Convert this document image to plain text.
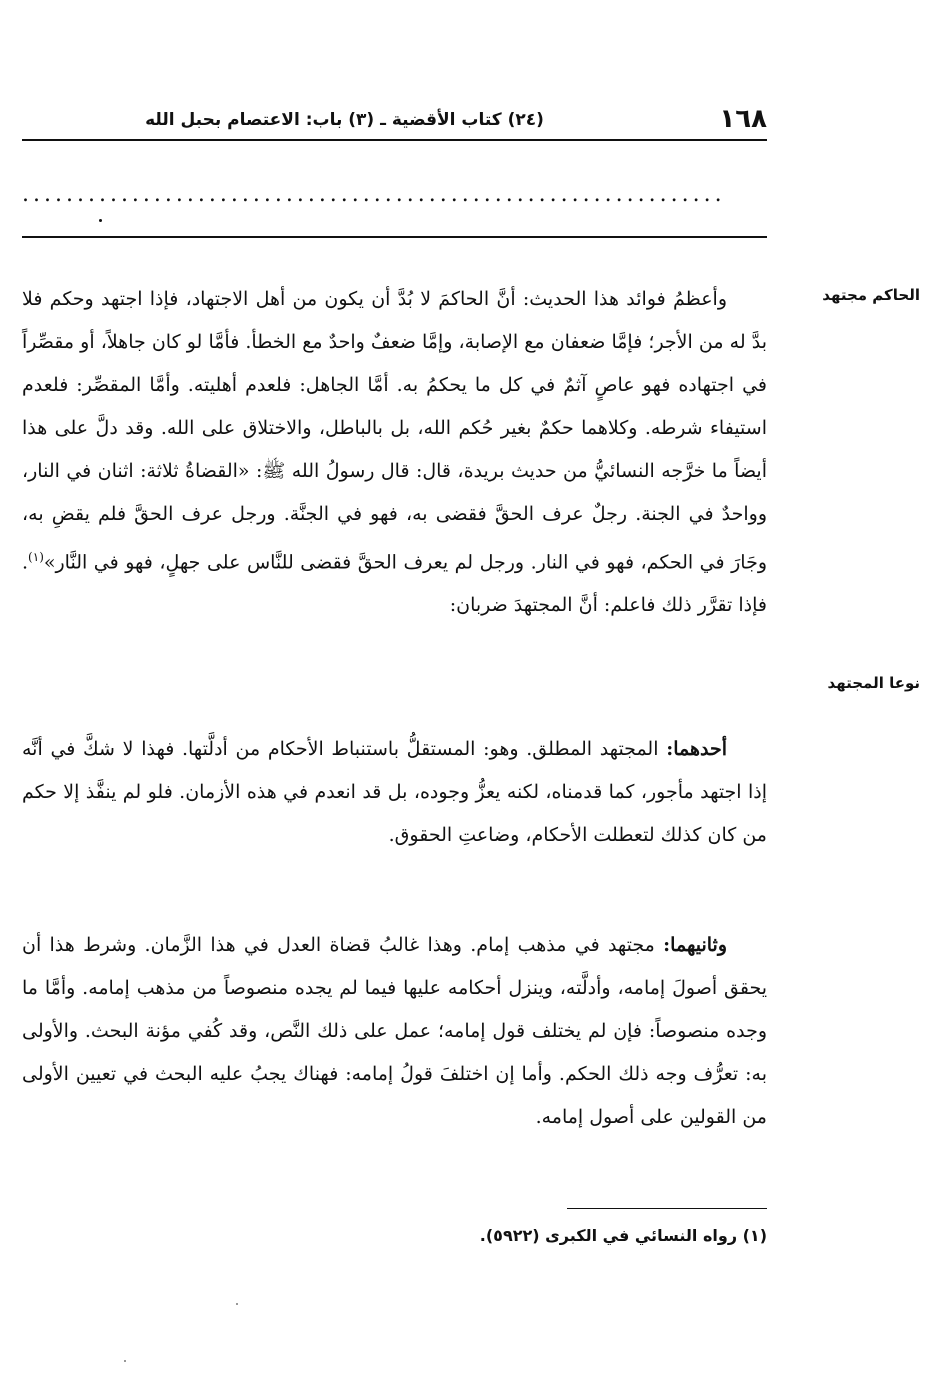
١٦٨
(٢٤) كتاب الأقضية ـ (٣) باب: الاعتصام بحبل الله
................................................................
الحاكم مجتهد
نوعا المجتهد

وأعظمُ فوائد هذا الحديث: أنَّ الحاكمَ لا بُدَّ أن يكون من أهل الاجتهاد، فإذا اجتهد وحكم فلا بدَّ له من الأجر؛ فإمَّا ضعفان مع الإصابة، وإمَّا ضعفٌ واحدٌ مع الخطأ. فأمَّا لو كان جاهلاً، أو مقصِّراً في اجتهاده فهو عاصٍ آثمٌ في كل ما يحكمُ به. أمَّا الجاهل: فلعدم أهليته. وأمَّا المقصِّر: فلعدم استيفاء شرطه. وكلاهما حكمٌ بغير حُكم الله، بل بالباطل، والاختلاق على الله. وقد دلَّ على هذا أيضاً ما خرَّجه النسائيُّ من حديث بريدة، قال: قال رسولُ الله ﷺ: «القضاةُ ثلاثة: اثنان في النار، وواحدٌ في الجنة. رجلٌ عرف الحقَّ فقضى به، فهو في الجنَّة. ورجل عرف الحقَّ فلم يقضِ به، وجَارَ في الحكم، فهو في النار. ورجل لم يعرف الحقَّ فقضى للنَّاس على جهلٍ، فهو في النَّار»$^{(١)}$. فإذا تقرَّر ذلك فاعلم: أنَّ المجتهدَ ضربان:

أحدهما: المجتهد المطلق. وهو: المستقلُّ باستنباط الأحكام من أدلَّتها. فهذا لا شكَّ في أنَّه إذا اجتهد مأجور، كما قدمناه، لكنه يعزُّ وجوده، بل قد انعدم في هذه الأزمان. فلو لم ينفَّذ إلا حكم من كان كذلك لتعطلت الأحكام، وضاعتِ الحقوق.

وثانيهما: مجتهد في مذهب إمام. وهذا غالبُ قضاة العدل في هذا الزَّمان. وشرط هذا أن يحقق أصولَ إمامه، وأدلَّته، وينزل أحكامه عليها فيما لم يجده منصوصاً من مذهب إمامه. وأمَّا ما وجده منصوصاً: فإن لم يختلف قول إمامه؛ عمل على ذلك النَّص، وقد كُفي مؤنة البحث. والأولى به: تعرُّف وجه ذلك الحكم. وأما إن اختلفَ قولُ إمامه: فهناك يجبُ عليه البحث في تعيين الأولى من القولين على أصول إمامه.

(١) رواه النسائي في الكبرى (٥٩٢٢).
